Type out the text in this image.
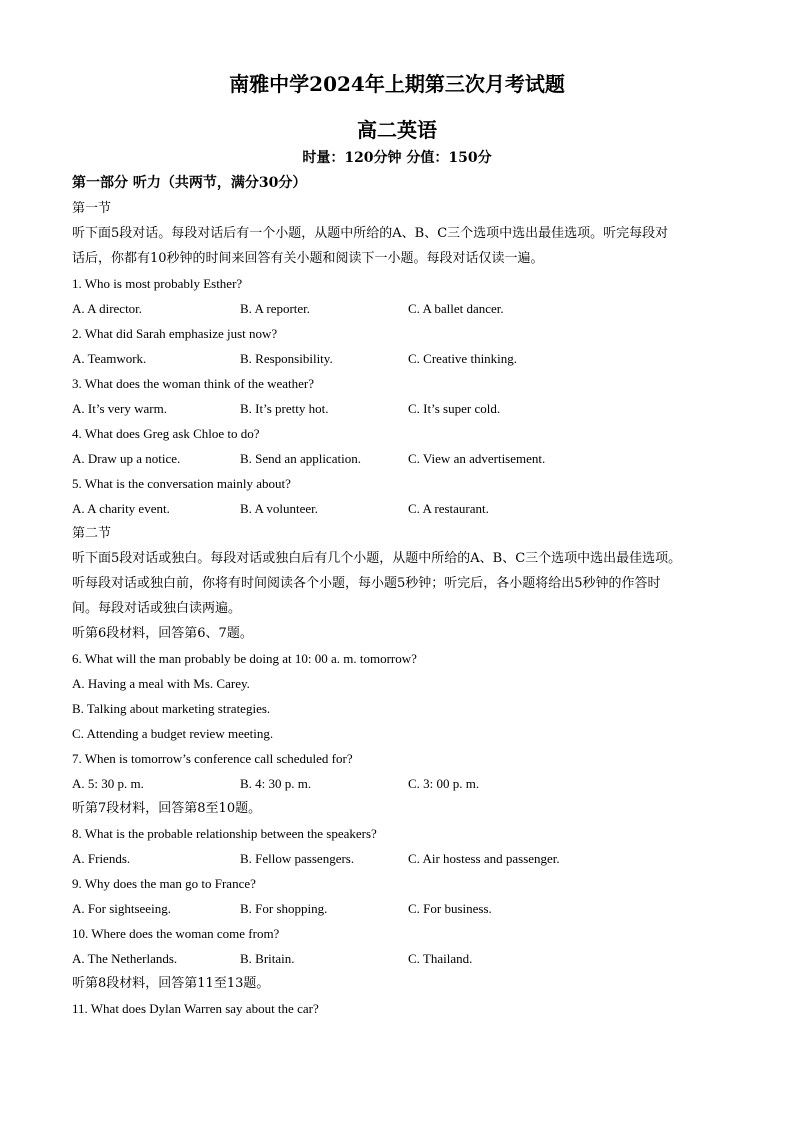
南雅中学2024年上期第三次月考试题
高二英语
时量：120分钟 分值：150分
第一部分 听力（共两节，满分30分）
第一节
听下面5段对话。每段对话后有一个小题，从题中所给的A、B、C三个选项中选出最佳选项。听完每段对
话后，你都有10秒钟的时间来回答有关小题和阅读下一小题。每段对话仅读一遍。
1. Who is most probably Esther?
A. A director.	B. A reporter.	C. A ballet dancer.
2. What did Sarah emphasize just now?
A. Teamwork.	B. Responsibility.	C. Creative thinking.
3. What does the woman think of the weather?
A. It’s very warm.	B. It’s pretty hot.	C. It’s super cold.
4. What does Greg ask Chloe to do?
A. Draw up a notice.	B. Send an application.	C. View an advertisement.
5. What is the conversation mainly about?
A. A charity event.	B. A volunteer.	C. A restaurant.
第二节
听下面5段对话或独白。每段对话或独白后有几个小题，从题中所给的A、B、C三个选项中选出最佳选项。
听每段对话或独白前，你将有时间阅读各个小题，每小题5秒钟；听完后，各小题将给出5秒钟的作答时
间。每段对话或独白读两遍。
听第6段材料，回答第6、7题。
6. What will the man probably be doing at 10: 00 a. m. tomorrow?
A. Having a meal with Ms. Carey.
B. Talking about marketing strategies.
C. Attending a budget review meeting.
7. When is tomorrow’s conference call scheduled for?
A. 5: 30 p. m.	B. 4: 30 p. m.	C. 3: 00 p. m.
听第7段材料，回答第8至10题。
8. What is the probable relationship between the speakers?
A. Friends.	B. Fellow passengers.	C. Air hostess and passenger.
9. Why does the man go to France?
A. For sightseeing.	B. For shopping.	C. For business.
10. Where does the woman come from?
A. The Netherlands.	B. Britain.	C. Thailand.
听第8段材料，回答第11至13题。
11. What does Dylan Warren say about the car?
